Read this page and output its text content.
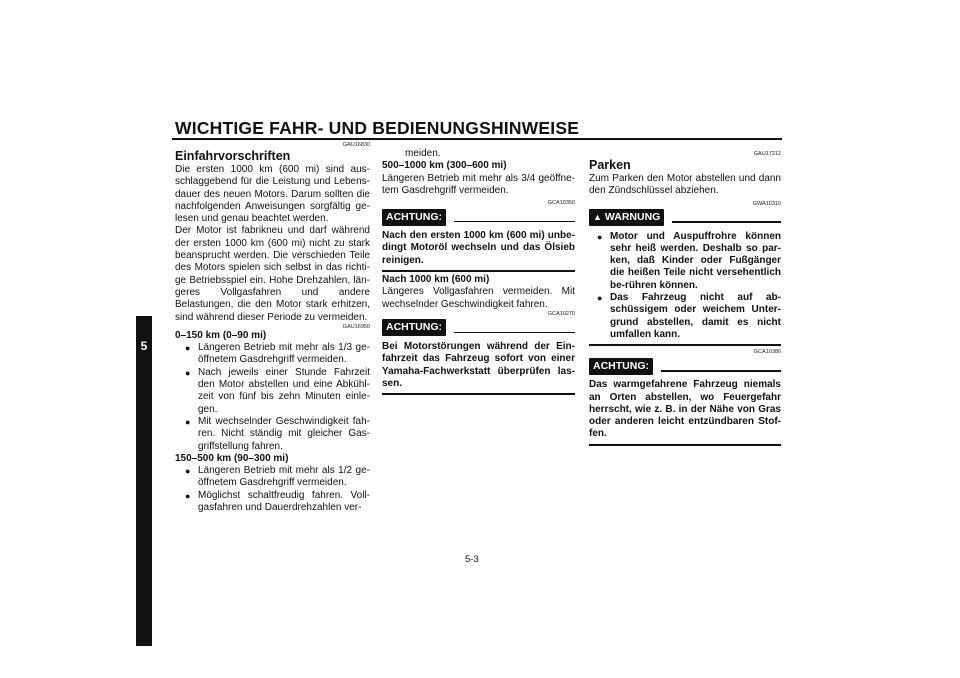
WICHTIGE FAHR- UND BEDIENUNGSHINWEISE
5
GAU16830
Einfahrvorschriften

Die ersten 1000 km (600 mi) sind aus-schlaggebend für die Leistung und Lebens-dauer des neuen Motors. Darum sollten die nachfolgenden Anweisungen sorgfältig ge-lesen und genau beachtet werden.

Der Motor ist fabrikneu und darf während der ersten 1000 km (600 mi) nicht zu stark beansprucht werden. Die verschieden Teile des Motors spielen sich selbst in das richti-ge Betriebsspiel ein. Hohe Drehzahlen, län-geres Vollgasfahren und andere Belastungen, die den Motor stark erhitzen, sind während dieser Periode zu vermeiden.

GAU16950

0–150 km (0–90 mi)

● Längeren Betrieb mit mehr als 1/3 ge-öffnetem Gasdrehgriff vermeiden.
● Nach jeweils einer Stunde Fahrzeit den Motor abstellen und eine Abkühl-zeit von fünf bis zehn Minuten einle-gen.
● Mit wechselnder Geschwindigkeit fah-ren. Nicht ständig mit gleicher Gas-griffstellung fahren.

150–500 km (90–300 mi)

● Längeren Betrieb mit mehr als 1/2 ge-öffnetem Gasdrehgriff vermeiden.
● Möglichst schaltfreudig fahren. Voll-gasfahren und Dauerdrehzahlen ver-

meiden.

500–1000 km (300–600 mi)

Längeren Betrieb mit mehr als 3/4 geöffne-tem Gasdrehgriff vermeiden.

GCA10350
ACHTUNG:

Nach den ersten 1000 km (600 mi) unbe-dingt Motoröl wechseln und das Ölsieb reinigen.

Nach 1000 km (600 mi)

Längeres Vollgasfahren vermeiden. Mit wechselnder Geschwindigkeit fahren.

GCA10270
ACHTUNG:

Bei Motorstörungen während der Ein-fahrzeit das Fahrzeug sofort von einer Yamaha-Fachwerkstatt überprüfen las-sen.

GAU17212
Parken

Zum Parken den Motor abstellen und dann den Zündschlüssel abziehen.

GWA10310
▲ WARNUNG
● Motor und Auspuffrohre können sehr heiß werden. Deshalb so par-ken, daß Kinder oder Fußgänger die heißen Teile nicht versehentlich be-rühren können.
● Das Fahrzeug nicht auf ab-schüssigem oder weichem Unter-grund abstellen, damit es nicht umfallen kann.
GCA10380
ACHTUNG:

Das warmgefahrene Fahrzeug niemals an Orten abstellen, wo Feuergefahr herrscht, wie z. B. in der Nähe von Gras oder anderen leicht entzündbaren Stof-fen.

5-3
